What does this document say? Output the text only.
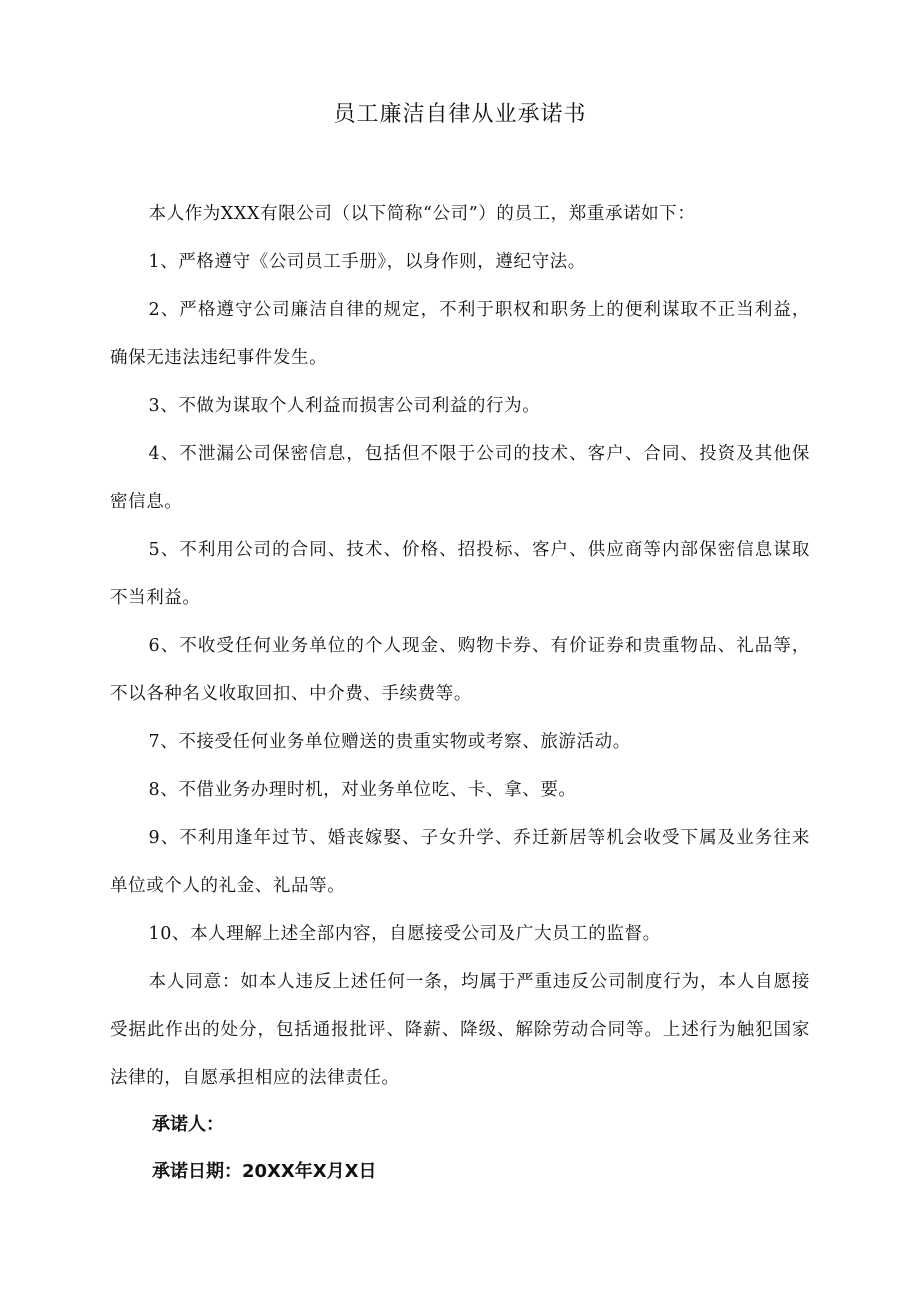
员工廉洁自律从业承诺书

本人作为XXX有限公司（以下简称“公司”）的员工，郑重承诺如下：

1、严格遵守《公司员工手册》，以身作则，遵纪守法。

2、严格遵守公司廉洁自律的规定，不利于职权和职务上的便利谋取不正当利益，确保无违法违纪事件发生。

3、不做为谋取个人利益而损害公司利益的行为。

4、不泄漏公司保密信息，包括但不限于公司的技术、客户、合同、投资及其他保密信息。

5、不利用公司的合同、技术、价格、招投标、客户、供应商等内部保密信息谋取不当利益。

6、不收受任何业务单位的个人现金、购物卡券、有价证券和贵重物品、礼品等，不以各种名义收取回扣、中介费、手续费等。

7、不接受任何业务单位赠送的贵重实物或考察、旅游活动。

8、不借业务办理时机，对业务单位吃、卡、拿、要。

9、不利用逢年过节、婚丧嫁娶、子女升学、乔迁新居等机会收受下属及业务往来单位或个人的礼金、礼品等。

10、本人理解上述全部内容，自愿接受公司及广大员工的监督。

本人同意：如本人违反上述任何一条，均属于严重违反公司制度行为，本人自愿接受据此作出的处分，包括通报批评、降薪、降级、解除劳动合同等。上述行为触犯国家法律的，自愿承担相应的法律责任。

承诺人：
承诺日期：20XX年X月X日
